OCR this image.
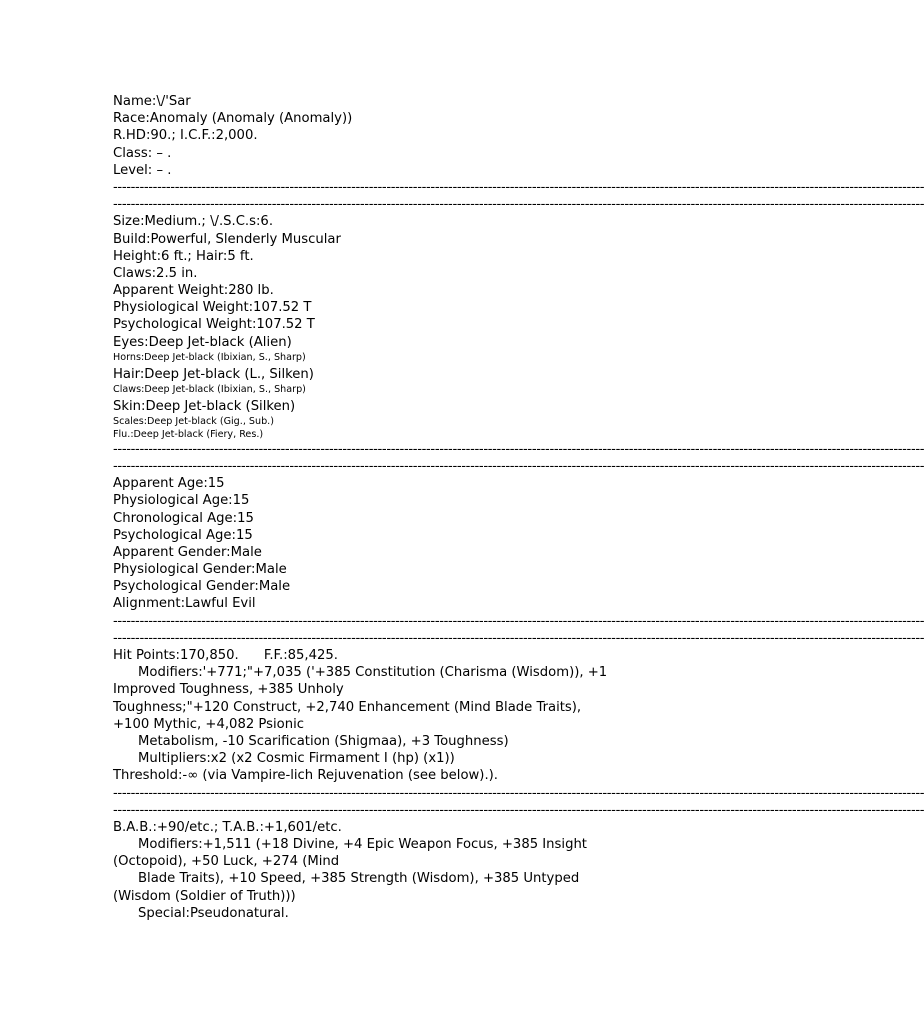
Name:\/'Sar
Race:Anomaly (Anomaly (Anomaly))
R.HD:90.; I.C.F.:2,000.
Class: – .
Level: – .
----------------------------------------------------------------------------------------------------------------------------------------------------------------------------------------
----------------------------------------------------------------------------------------------------------------------------------------------------------------------------------------
Size:Medium.; \/.S.C.s:6.
Build:Powerful, Slenderly Muscular
Height:6 ft.; Hair:5 ft.
Claws:2.5 in.
Apparent Weight:280 lb.
Physiological Weight:107.52 T
Psychological Weight:107.52 T
Eyes:Deep Jet-black (Alien)
Horns:Deep Jet-black (Ibixian, S., Sharp)
Hair:Deep Jet-black (L., Silken)
Claws:Deep Jet-black (Ibixian, S., Sharp)
Skin:Deep Jet-black (Silken)
Scales:Deep Jet-black (Gig., Sub.)
Flu.:Deep Jet-black (Fiery, Res.)
----------------------------------------------------------------------------------------------------------------------------------------------------------------------------------------
----------------------------------------------------------------------------------------------------------------------------------------------------------------------------------------
Apparent Age:15
Physiological Age:15
Chronological Age:15
Psychological Age:15
Apparent Gender:Male
Physiological Gender:Male
Psychological Gender:Male
Alignment:Lawful Evil
----------------------------------------------------------------------------------------------------------------------------------------------------------------------------------------
----------------------------------------------------------------------------------------------------------------------------------------------------------------------------------------
Hit Points:170,850.      F.F.:85,425.
Modifiers:'+771;"+7,035 ('+385 Constitution (Charisma (Wisdom)), +1
Improved Toughness, +385 Unholy
Toughness;"+120 Construct, +2,740 Enhancement (Mind Blade Traits),
+100 Mythic, +4,082 Psionic
Metabolism, -10 Scarification (Shigmaa), +3 Toughness)
Multipliers:x2 (x2 Cosmic Firmament I (hp) (x1))
Threshold:-∞ (via Vampire-lich Rejuvenation (see below).).
----------------------------------------------------------------------------------------------------------------------------------------------------------------------------------------
----------------------------------------------------------------------------------------------------------------------------------------------------------------------------------------
B.A.B.:+90/etc.; T.A.B.:+1,601/etc.
Modifiers:+1,511 (+18 Divine, +4 Epic Weapon Focus, +385 Insight
(Octopoid), +50 Luck, +274 (Mind
Blade Traits), +10 Speed, +385 Strength (Wisdom), +385 Untyped
(Wisdom (Soldier of Truth)))
Special:Pseudonatural.
